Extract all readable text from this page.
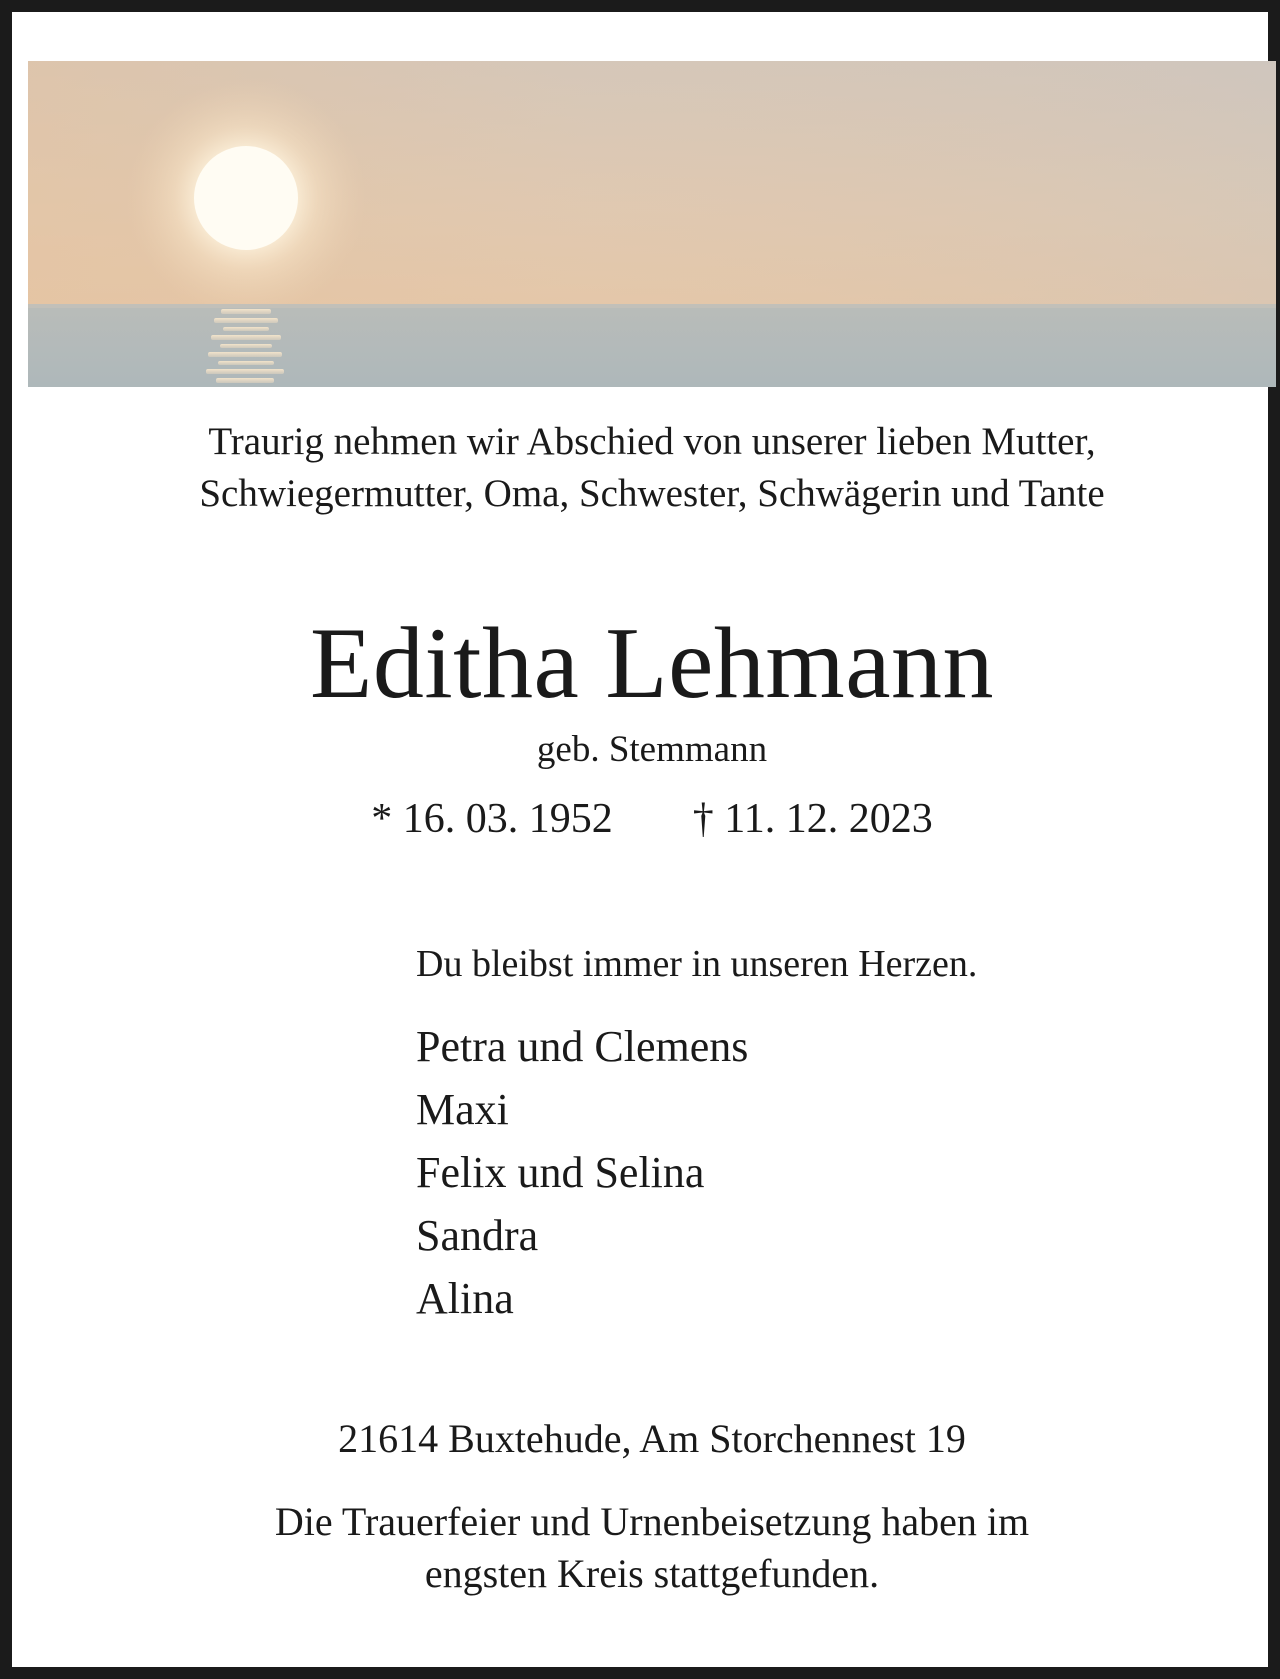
Traurig nehmen wir Abschied von unserer lieben Mutter,
Schwiegermutter, Oma, Schwester, Schwägerin und Tante

Editha Lehmann

geb. Stemmann

* 16. 03. 1952 † 11. 12. 2023

Du bleibst immer in unseren Herzen.

Petra und Clemens
Maxi
Felix und Selina
Sandra
Alina

21614 Buxtehude, Am Storchennest 19

Die Trauerfeier und Urnenbeisetzung haben im
engsten Kreis stattgefunden.
